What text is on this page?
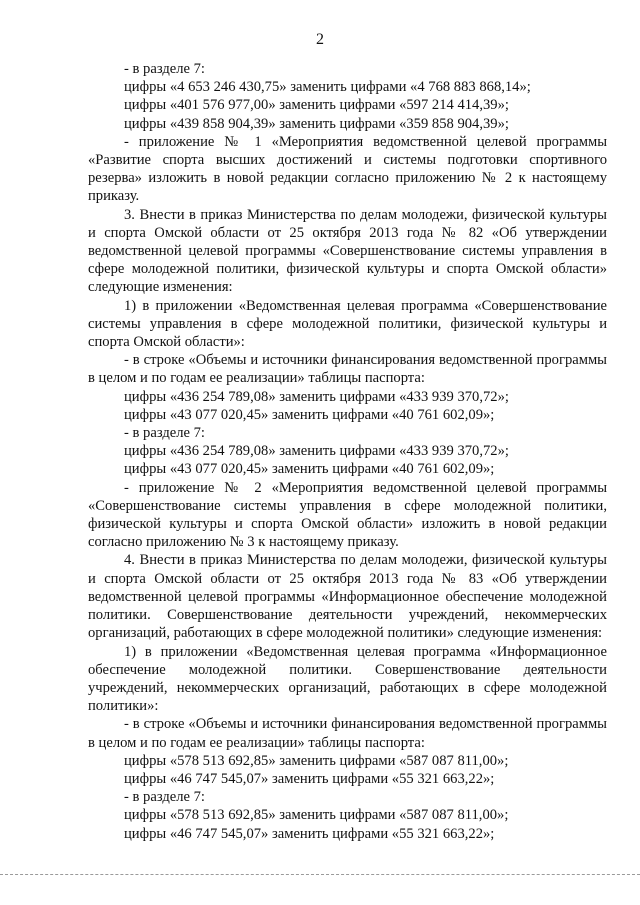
2

- в разделе 7:

цифры «4 653 246 430,75» заменить цифрами «4 768 883 868,14»;

цифры «401 576 977,00» заменить цифрами «597 214 414,39»;

цифры «439 858 904,39» заменить цифрами «359 858 904,39»;

- приложение № 1 «Мероприятия ведомственной целевой программы «Развитие спорта высших достижений и системы подготовки спортивного резерва» изложить в новой редакции согласно приложению № 2 к настоящему приказу.

3. Внести в приказ Министерства по делам молодежи, физической культуры и спорта Омской области от 25 октября 2013 года № 82 «Об утверждении ведомственной целевой программы «Совершенствование системы управления в сфере молодежной политики, физической культуры и спорта Омской области» следующие изменения:

1) в приложении «Ведомственная целевая программа «Совершенствование системы управления в сфере молодежной политики, физической культуры и спорта Омской области»:

- в строке «Объемы и источники финансирования ведомственной программы в целом и по годам ее реализации» таблицы паспорта:

цифры «436 254 789,08» заменить цифрами «433 939 370,72»;

цифры «43 077 020,45» заменить цифрами «40 761 602,09»;

- в разделе 7:

цифры «436 254 789,08» заменить цифрами «433 939 370,72»;

цифры «43 077 020,45» заменить цифрами «40 761 602,09»;

- приложение № 2 «Мероприятия ведомственной целевой программы «Совершенствование системы управления в сфере молодежной политики, физической культуры и спорта Омской области» изложить в новой редакции согласно приложению № 3 к настоящему приказу.

4. Внести в приказ Министерства по делам молодежи, физической культуры и спорта Омской области от 25 октября 2013 года № 83 «Об утверждении ведомственной целевой программы «Информационное обеспечение молодежной политики. Совершенствование деятельности учреждений, некоммерческих организаций, работающих в сфере молодежной политики» следующие изменения:

1) в приложении «Ведомственная целевая программа «Информационное обеспечение молодежной политики. Совершенствование деятельности учреждений, некоммерческих организаций, работающих в сфере молодежной политики»:

- в строке «Объемы и источники финансирования ведомственной программы в целом и по годам ее реализации» таблицы паспорта:

цифры «578 513 692,85» заменить цифрами «587 087 811,00»;

цифры «46 747 545,07» заменить цифрами «55 321 663,22»;

- в разделе 7:

цифры «578 513 692,85» заменить цифрами «587 087 811,00»;

цифры «46 747 545,07» заменить цифрами «55 321 663,22»;
